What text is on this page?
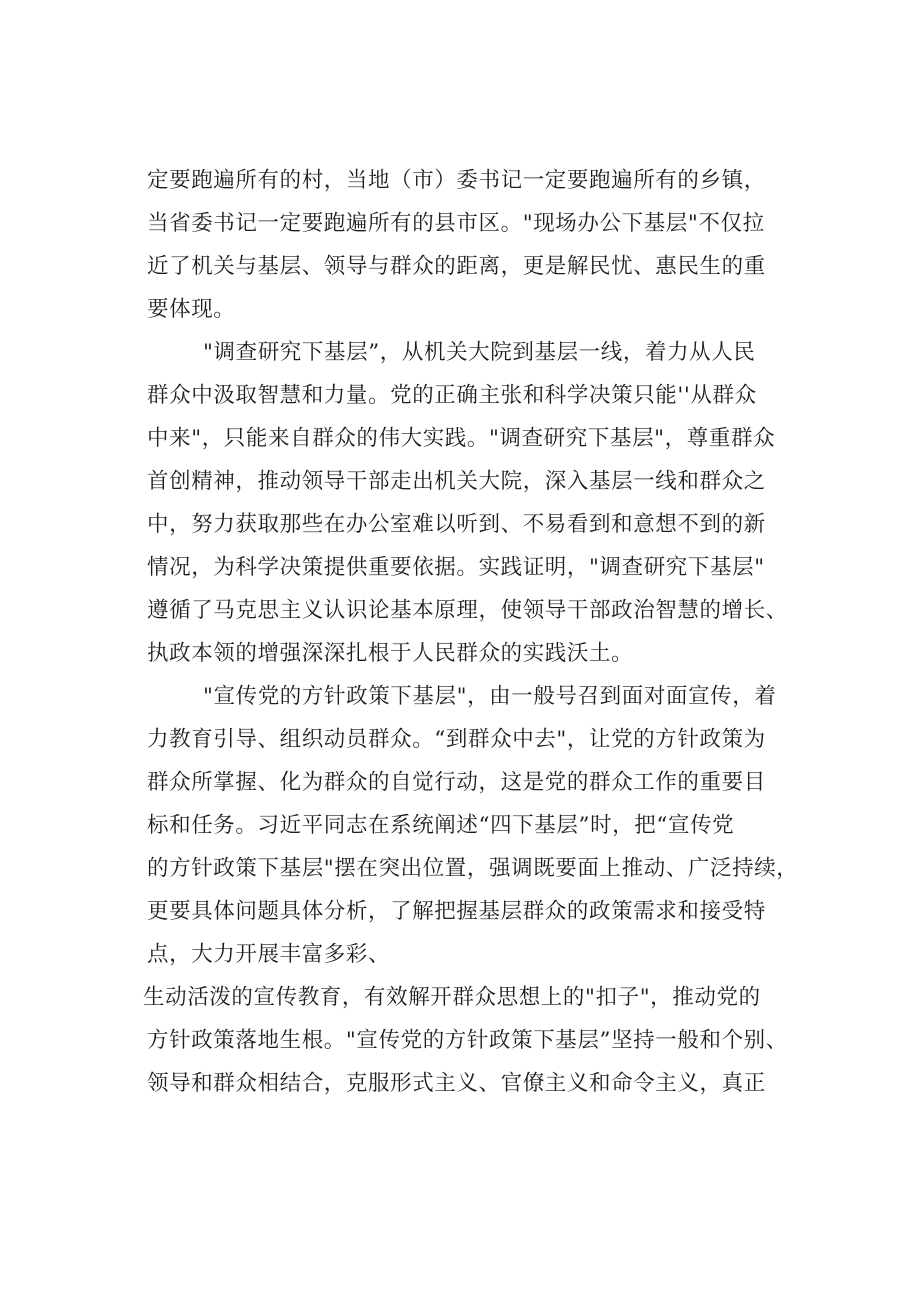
定要跑遍所有的村，当地（市）委书记一定要跑遍所有的乡镇，

当省委书记一定要跑遍所有的县市区。"现场办公下基层"不仅拉

近了机关与基层、领导与群众的距离，更是解民忧、惠民生的重

要体现。

"调查研究下基层”，从机关大院到基层一线，着力从人民

群众中汲取智慧和力量。党的正确主张和科学决策只能''从群众

中来"，只能来自群众的伟大实践。"调查研究下基层"，尊重群众

首创精神，推动领导干部走出机关大院，深入基层一线和群众之

中，努力获取那些在办公室难以听到、不易看到和意想不到的新

情况，为科学决策提供重要依据。实践证明，"调查研究下基层"

遵循了马克思主义认识论基本原理，使领导干部政治智慧的增长、

执政本领的增强深深扎根于人民群众的实践沃土。

"宣传党的方针政策下基层"，由一般号召到面对面宣传，着

力教育引导、组织动员群众。“到群众中去"，让党的方针政策为

群众所掌握、化为群众的自觉行动，这是党的群众工作的重要目

标和任务。习近平同志在系统阐述“四下基层”时，把“宣传党

的方针政策下基层"摆在突出位置，强调既要面上推动、广泛持续，

更要具体问题具体分析，了解把握基层群众的政策需求和接受特

点，大力开展丰富多彩、

生动活泼的宣传教育，有效解开群众思想上的"扣子"，推动党的

方针政策落地生根。"宣传党的方针政策下基层”坚持一般和个别、

领导和群众相结合，克服形式主义、官僚主义和命令主义，真正
